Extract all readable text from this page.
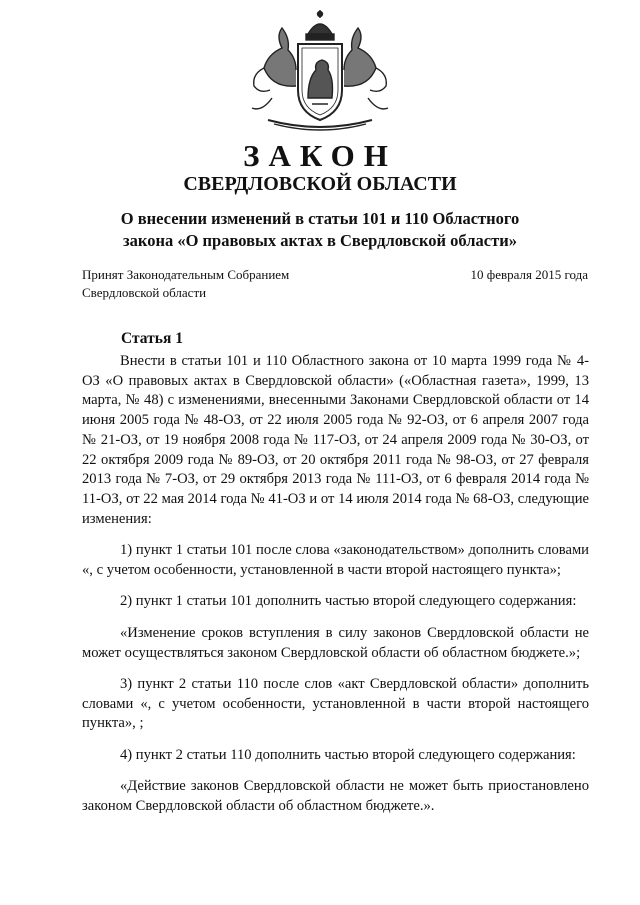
ЗАКОН
СВЕРДЛОВСКОЙ ОБЛАСТИ
О внесении изменений в статьи 101 и 110 Областного
закона «О правовых актах в Свердловской области»
Принят Законодательным Собранием
Свердловской области
10 февраля 2015 года
Статья 1

Внести в статьи 101 и 110 Областного закона от 10 марта 1999 года № 4-ОЗ «О правовых актах в Свердловской области» («Областная газета», 1999, 13 марта, № 48) с изменениями, внесенными Законами Свердловской области от 14 июня 2005 года № 48-ОЗ, от 22 июля 2005 года № 92-ОЗ, от 6 апреля 2007 года № 21-ОЗ, от 19 ноября 2008 года № 117-ОЗ, от 24 апреля 2009 года № 30-ОЗ, от 22 октября 2009 года № 89-ОЗ, от 20 октября 2011 года № 98-ОЗ, от 27 февраля 2013 года № 7-ОЗ, от 29 октября 2013 года № 111-ОЗ, от 6 февраля 2014 года № 11-ОЗ, от 22 мая 2014 года № 41-ОЗ и от 14 июля 2014 года № 68-ОЗ, следующие изменения:

1) пункт 1 статьи 101 после слова «законодательством» дополнить словами «, с учетом особенности, установленной в части второй настоящего пункта»;

2) пункт 1 статьи 101 дополнить частью второй следующего содержания:

«Изменение сроков вступления в силу законов Свердловской области не может осуществляться законом Свердловской области об областном бюджете.»;

3) пункт 2 статьи 110 после слов «акт Свердловской области» дополнить словами «, с учетом особенности, установленной в части второй настоящего пункта», ;

4) пункт 2 статьи 110 дополнить частью второй следующего содержания:

«Действие законов Свердловской области не может быть приостановлено законом Свердловской области об областном бюджете.».
